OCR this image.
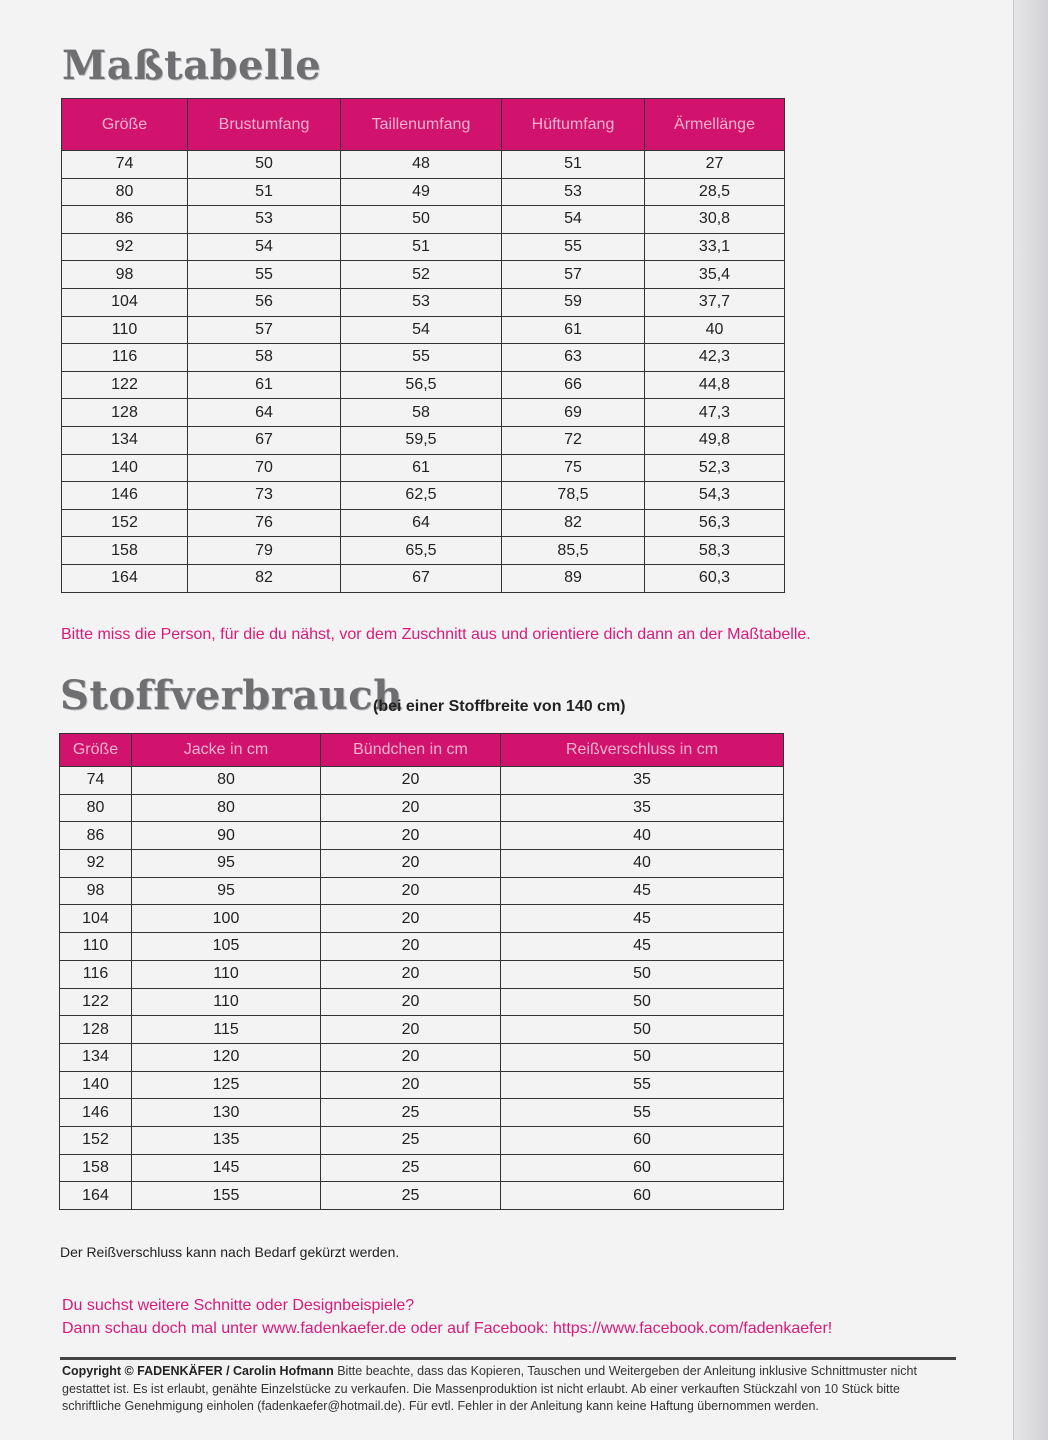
Maßtabelle
Größe	Brustumfang	Taillenumfang	Hüftumfang	Ärmellänge
74	50	48	51	27
80	51	49	53	28,5
86	53	50	54	30,8
92	54	51	55	33,1
98	55	52	57	35,4
104	56	53	59	37,7
110	57	54	61	40
116	58	55	63	42,3
122	61	56,5	66	44,8
128	64	58	69	47,3
134	67	59,5	72	49,8
140	70	61	75	52,3
146	73	62,5	78,5	54,3
152	76	64	82	56,3
158	79	65,5	85,5	58,3
164	82	67	89	60,3

Bitte miss die Person, für die du nähst, vor dem Zuschnitt aus und orientiere dich dann an der Maßtabelle.

Stoffverbrauch
(bei einer Stoffbreite von 140 cm)
Größe	Jacke in cm	Bündchen in cm	Reißverschluss in cm
74	80	20	35
80	80	20	35
86	90	20	40
92	95	20	40
98	95	20	45
104	100	20	45
110	105	20	45
116	110	20	50
122	110	20	50
128	115	20	50
134	120	20	50
140	125	20	55
146	130	25	55
152	135	25	60
158	145	25	60
164	155	25	60

Der Reißverschluss kann nach Bedarf gekürzt werden.

Du suchst weitere Schnitte oder Designbeispiele?

Dann schau doch mal unter www.fadenkaefer.de oder auf Facebook: https://www.facebook.com/fadenkaefer!

Copyright © FADENKÄFER / Carolin Hofmann Bitte beachte, dass das Kopieren, Tauschen und Weitergeben der Anleitung inklusive Schnittmuster nicht gestattet ist. Es ist erlaubt, genähte Einzelstücke zu verkaufen. Die Massenproduktion ist nicht erlaubt. Ab einer verkauften Stückzahl von 10 Stück bitte schriftliche Genehmigung einholen (fadenkaefer@hotmail.de). Für evtl. Fehler in der Anleitung kann keine Haftung übernommen werden.
